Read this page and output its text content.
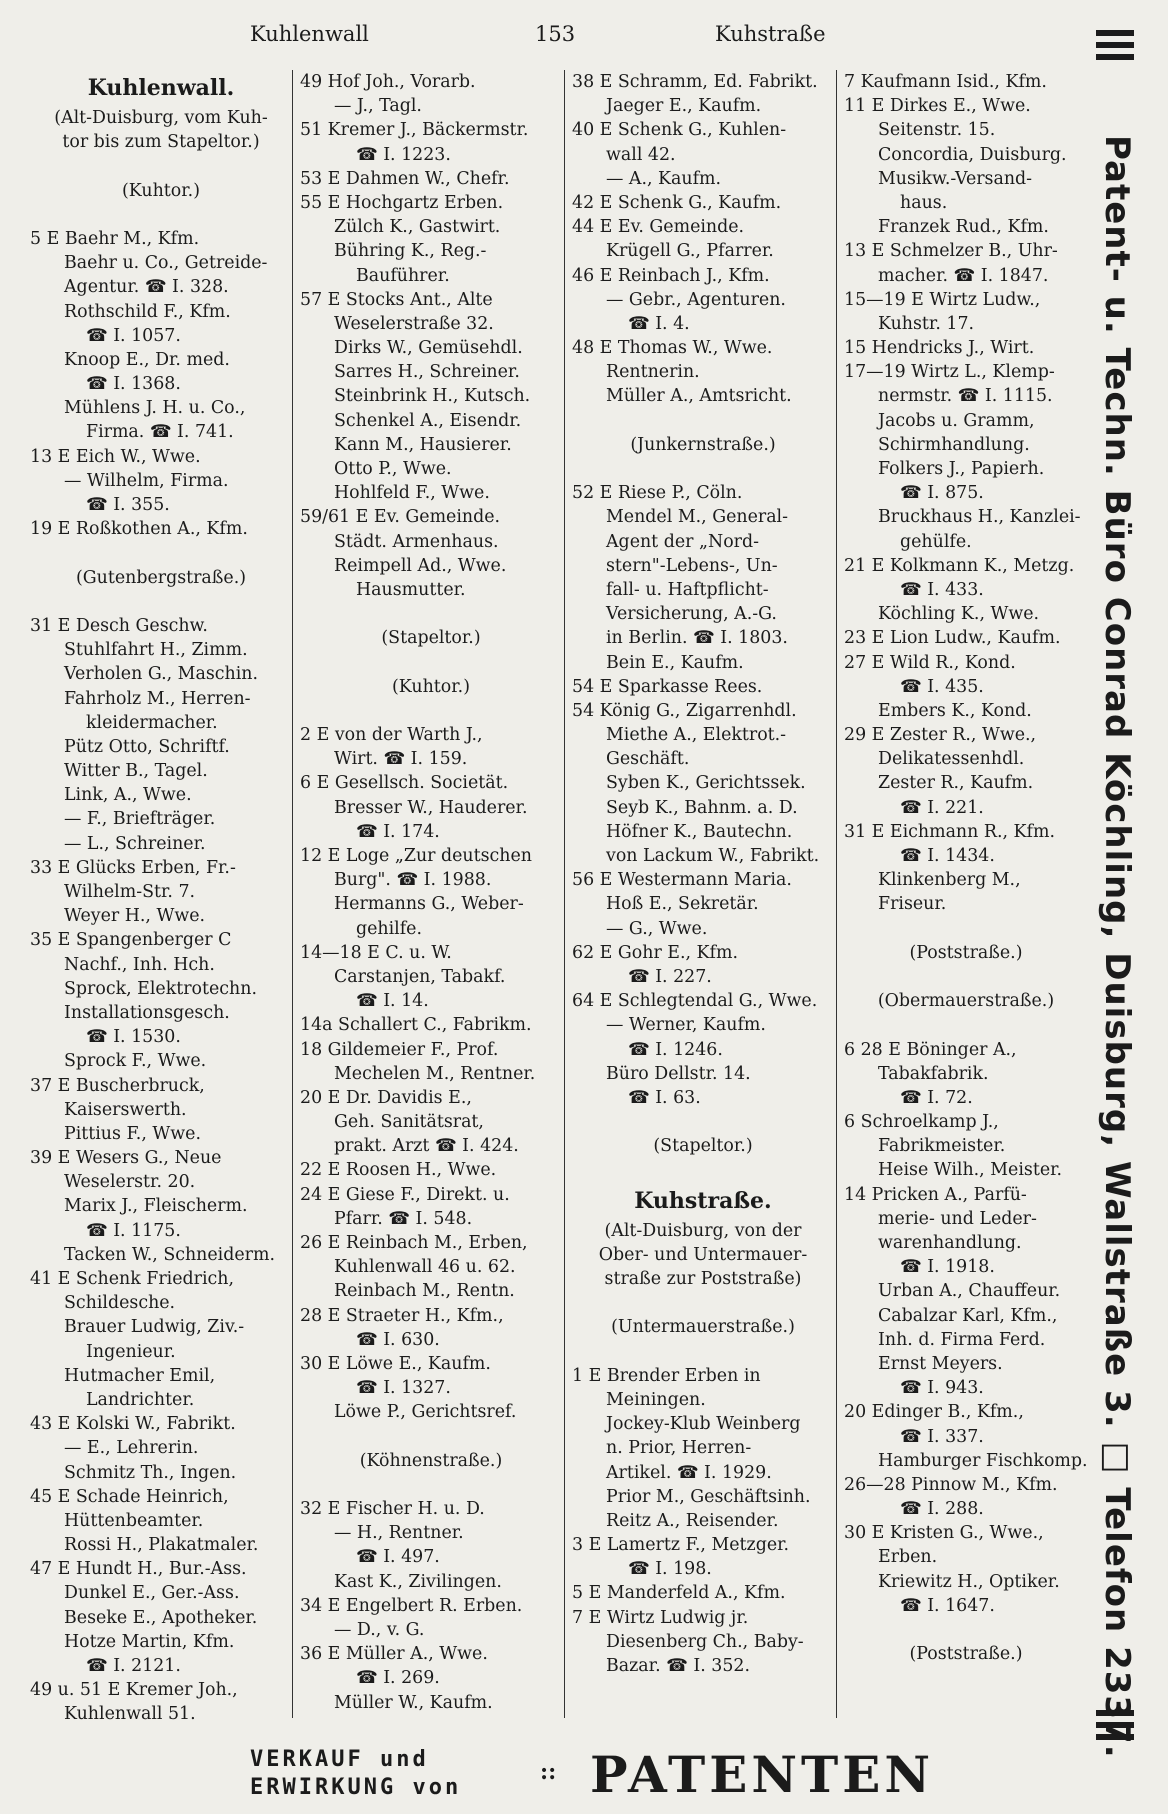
Kuhlenwall	153	Kuhstraße
Kuhlenwall.
(Alt-Duisburg, vom Kuh-
tor bis zum Stapeltor.)
(Kuhtor.)
5 E Baehr M., Kfm.
Baehr u. Co., Getreide-
Agentur. ☎ I. 328.
Rothschild F., Kfm.
☎ I. 1057.
Knoop E., Dr. med.
☎ I. 1368.
Mühlens J. H. u. Co.,
Firma. ☎ I. 741.
13 E Eich W., Wwe.
— Wilhelm, Firma.
☎ I. 355.
19 E Roßkothen A., Kfm.
(Gutenbergstraße.)
31 E Desch Geschw.
Stuhlfahrt H., Zimm.
Verholen G., Maschin.
Fahrholz M., Herren-
kleidermacher.
Pütz Otto, Schriftf.
Witter B., Tagel.
Link, A., Wwe.
— F., Briefträger.
— L., Schreiner.
33 E Glücks Erben, Fr.-
Wilhelm-Str. 7.
Weyer H., Wwe.
35 E Spangenberger C
Nachf., Inh. Hch.
Sprock, Elektrotechn.
Installationsgesch.
☎ I. 1530.
Sprock F., Wwe.
37 E Buscherbruck,
Kaiserswerth.
Pittius F., Wwe.
39 E Wesers G., Neue
Weselerstr. 20.
Marix J., Fleischerm.
☎ I. 1175.
Tacken W., Schneiderm.
41 E Schenk Friedrich,
Schildesche.
Brauer Ludwig, Ziv.-
Ingenieur.
Hutmacher Emil,
Landrichter.
43 E Kolski W., Fabrikt.
— E., Lehrerin.
Schmitz Th., Ingen.
45 E Schade Heinrich,
Hüttenbeamter.
Rossi H., Plakatmaler.
47 E Hundt H., Bur.-Ass.
Dunkel E., Ger.-Ass.
Beseke E., Apotheker.
Hotze Martin, Kfm.
☎ I. 2121.
49 u. 51 E Kremer Joh.,
Kuhlenwall 51.
49 Hof Joh., Vorarb.
— J., Tagl.
51 Kremer J., Bäckermstr.
☎ I. 1223.
53 E Dahmen W., Chefr.
55 E Hochgartz Erben.
Zülch K., Gastwirt.
Bühring K., Reg.-
Bauführer.
57 E Stocks Ant., Alte
Weselerstraße 32.
Dirks W., Gemüsehdl.
Sarres H., Schreiner.
Steinbrink H., Kutsch.
Schenkel A., Eisendr.
Kann M., Hausierer.
Otto P., Wwe.
Hohlfeld F., Wwe.
59/61 E Ev. Gemeinde.
Städt. Armenhaus.
Reimpell Ad., Wwe.
Hausmutter.
(Stapeltor.)
(Kuhtor.)
2 E von der Warth J.,
Wirt. ☎ I. 159.
6 E Gesellsch. Societät.
Bresser W., Hauderer.
☎ I. 174.
12 E Loge „Zur deutschen
Burg". ☎ I. 1988.
Hermanns G., Weber-
gehilfe.
14—18 E C. u. W.
Carstanjen, Tabakf.
☎ I. 14.
14a Schallert C., Fabrikm.
18 Gildemeier F., Prof.
Mechelen M., Rentner.
20 E Dr. Davidis E.,
Geh. Sanitätsrat,
prakt. Arzt ☎ I. 424.
22 E Roosen H., Wwe.
24 E Giese F., Direkt. u.
Pfarr. ☎ I. 548.
26 E Reinbach M., Erben,
Kuhlenwall 46 u. 62.
Reinbach M., Rentn.
28 E Straeter H., Kfm.,
☎ I. 630.
30 E Löwe E., Kaufm.
☎ I. 1327.
Löwe P., Gerichtsref.
(Köhnenstraße.)
32 E Fischer H. u. D.
— H., Rentner.
☎ I. 497.
Kast K., Zivilingen.
34 E Engelbert R. Erben.
— D., v. G.
36 E Müller A., Wwe.
☎ I. 269.
Müller W., Kaufm.
38 E Schramm, Ed. Fabrikt.
Jaeger E., Kaufm.
40 E Schenk G., Kuhlen-
wall 42.
— A., Kaufm.
42 E Schenk G., Kaufm.
44 E Ev. Gemeinde.
Krügell G., Pfarrer.
46 E Reinbach J., Kfm.
— Gebr., Agenturen.
☎ I. 4.
48 E Thomas W., Wwe.
Rentnerin.
Müller A., Amtsricht.
(Junkernstraße.)
52 E Riese P., Cöln.
Mendel M., General-
Agent der „Nord-
stern"-Lebens-, Un-
fall- u. Haftpflicht-
Versicherung, A.-G.
in Berlin. ☎ I. 1803.
Bein E., Kaufm.
54 E Sparkasse Rees.
54 König G., Zigarrenhdl.
Miethe A., Elektrot.-
Geschäft.
Syben K., Gerichtssek.
Seyb K., Bahnm. a. D.
Höfner K., Bautechn.
von Lackum W., Fabrikt.
56 E Westermann Maria.
Hoß E., Sekretär.
— G., Wwe.
62 E Gohr E., Kfm.
☎ I. 227.
64 E Schlegtendal G., Wwe.
— Werner, Kaufm.
☎ I. 1246.
Büro Dellstr. 14.
☎ I. 63.
(Stapeltor.)
Kuhstraße.
(Alt-Duisburg, von der
Ober- und Untermauer-
straße zur Poststraße)
(Untermauerstraße.)
1 E Brender Erben in
Meiningen.
Jockey-Klub Weinberg
n. Prior, Herren-
Artikel. ☎ I. 1929.
Prior M., Geschäftsinh.
Reitz A., Reisender.
3 E Lamertz F., Metzger.
☎ I. 198.
5 E Manderfeld A., Kfm.
7 E Wirtz Ludwig jr.
Diesenberg Ch., Baby-
Bazar. ☎ I. 352.
7 Kaufmann Isid., Kfm.
11 E Dirkes E., Wwe.
Seitenstr. 15.
Concordia, Duisburg.
Musikw.-Versand-
haus.
Franzek Rud., Kfm.
13 E Schmelzer B., Uhr-
macher. ☎ I. 1847.
15—19 E Wirtz Ludw.,
Kuhstr. 17.
15 Hendricks J., Wirt.
17—19 Wirtz L., Klemp-
nermstr. ☎ I. 1115.
Jacobs u. Gramm,
Schirmhandlung.
Folkers J., Papierh.
☎ I. 875.
Bruckhaus H., Kanzlei-
gehülfe.
21 E Kolkmann K., Metzg.
☎ I. 433.
Köchling K., Wwe.
23 E Lion Ludw., Kaufm.
27 E Wild R., Kond.
☎ I. 435.
Embers K., Kond.
29 E Zester R., Wwe.,
Delikatessenhdl.
Zester R., Kaufm.
☎ I. 221.
31 E Eichmann R., Kfm.
☎ I. 1434.
Klinkenberg M.,
Friseur.
(Poststraße.)
(Obermauerstraße.)
6 28 E Böninger A.,
Tabakfabrik.
☎ I. 72.
6 Schroelkamp J.,
Fabrikmeister.
Heise Wilh., Meister.
14 Pricken A., Parfü-
merie- und Leder-
warenhandlung.
☎ I. 1918.
Urban A., Chauffeur.
Cabalzar Karl, Kfm.,
Inh. d. Firma Ferd.
Ernst Meyers.
☎ I. 943.
20 Edinger B., Kfm.,
☎ I. 337.
Hamburger Fischkomp.
26—28 Pinnow M., Kfm.
☎ I. 288.
30 E Kristen G., Wwe.,
Erben.
Kriewitz H., Optiker.
☎ I. 1647.
(Poststraße.)	Patent- u. Techn. Büro Conrad Köchling, Duisburg, Wallstraße 3. □ Telefon 2337.
VERKAUF und
ERWIRKUNG von
:: PATENTEN
